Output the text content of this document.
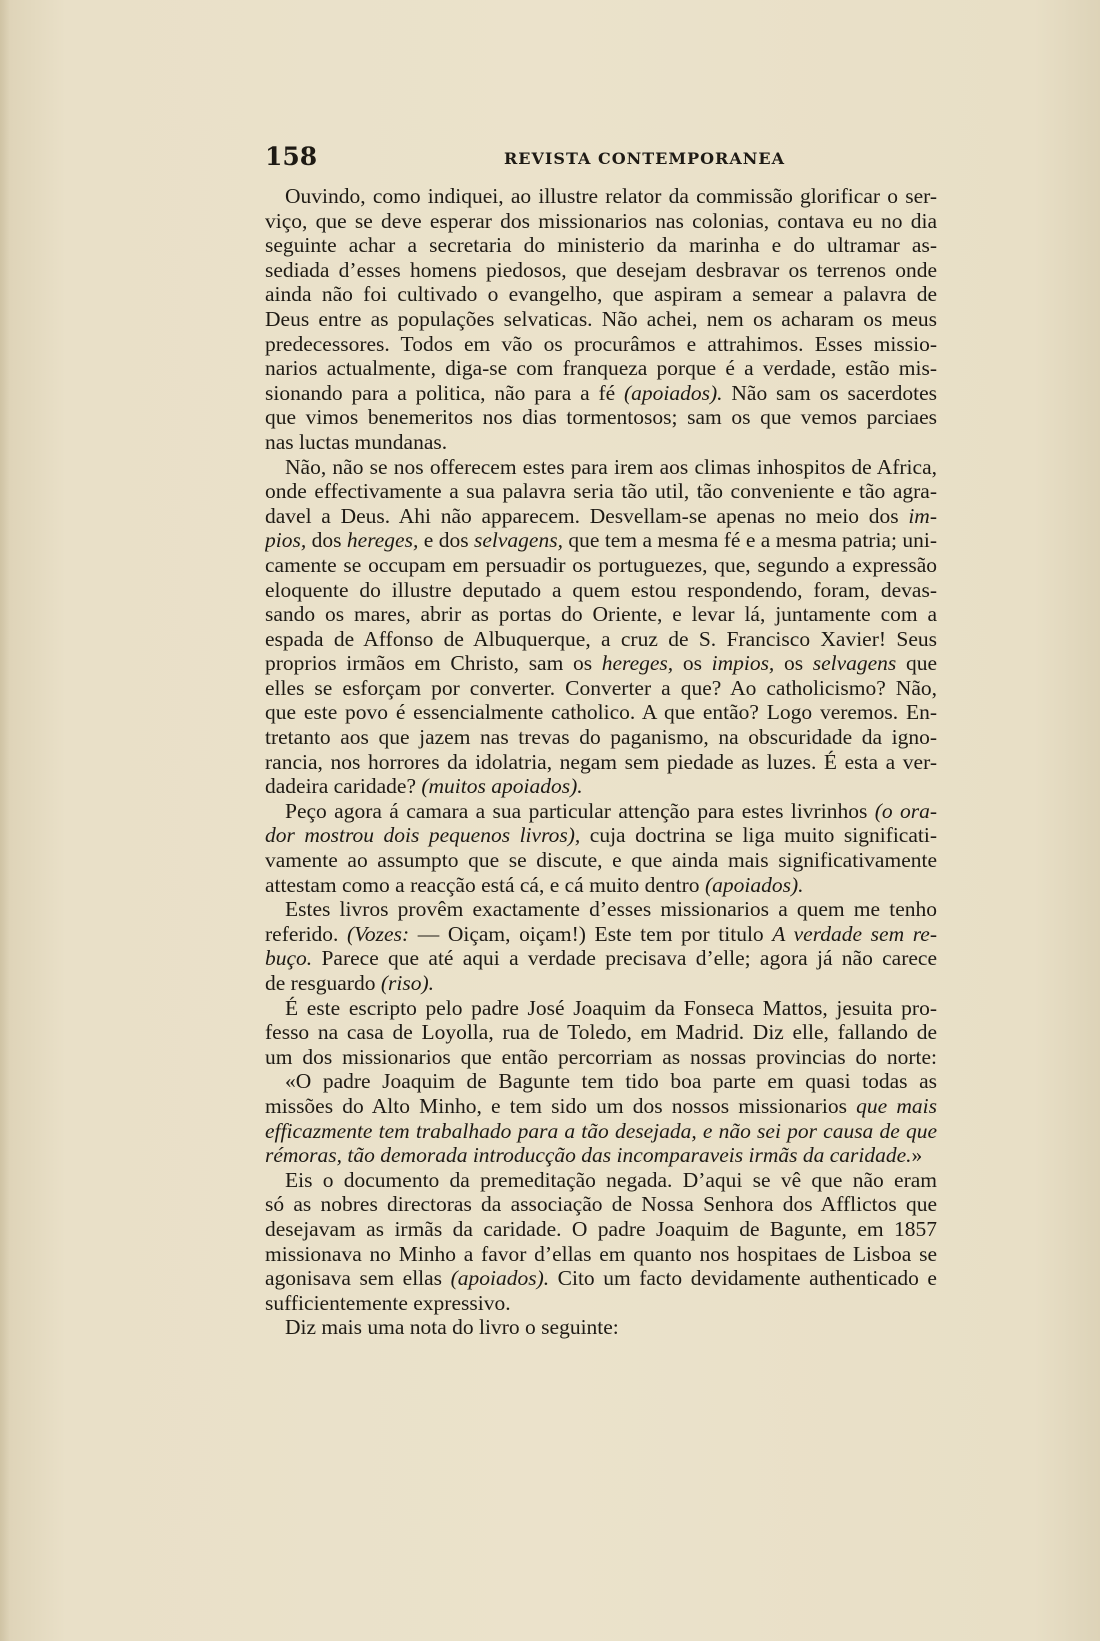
158	REVISTA CONTEMPORANEA
Ouvindo, como indiquei, ao illustre relator da commissão glorificar o ser-
viço, que se deve esperar dos missionarios nas colonias, contava eu no dia
seguinte achar a secretaria do ministerio da marinha e do ultramar as-
sediada d’esses homens piedosos, que desejam desbravar os terrenos onde
ainda não foi cultivado o evangelho, que aspiram a semear a palavra de
Deus entre as populações selvaticas. Não achei, nem os acharam os meus
predecessores. Todos em vão os procurâmos e attrahimos. Esses missio-
narios actualmente, diga-se com franqueza porque é a verdade, estão mis-
sionando para a politica, não para a fé (apoiados). Não sam os sacerdotes
que vimos benemeritos nos dias tormentosos; sam os que vemos parciaes
nas luctas mundanas.
Não, não se nos offerecem estes para irem aos climas inhospitos de Africa,
onde effectivamente a sua palavra seria tão util, tão conveniente e tão agra-
davel a Deus. Ahi não apparecem. Desvellam-se apenas no meio dos im-
pios, dos hereges, e dos selvagens, que tem a mesma fé e a mesma patria; uni-
camente se occupam em persuadir os portuguezes, que, segundo a expressão
eloquente do illustre deputado a quem estou respondendo, foram, devas-
sando os mares, abrir as portas do Oriente, e levar lá, juntamente com a
espada de Affonso de Albuquerque, a cruz de S. Francisco Xavier! Seus
proprios irmãos em Christo, sam os hereges, os impios, os selvagens que
elles se esforçam por converter. Converter a que? Ao catholicismo? Não,
que este povo é essencialmente catholico. A que então? Logo veremos. En-
tretanto aos que jazem nas trevas do paganismo, na obscuridade da igno-
rancia, nos horrores da idolatria, negam sem piedade as luzes. É esta a ver-
dadeira caridade? (muitos apoiados).
Peço agora á camara a sua particular attenção para estes livrinhos (o ora-
dor mostrou dois pequenos livros), cuja doctrina se liga muito significati-
vamente ao assumpto que se discute, e que ainda mais significativamente
attestam como a reacção está cá, e cá muito dentro (apoiados).
Estes livros provêm exactamente d’esses missionarios a quem me tenho
referido. (Vozes: — Oiçam, oiçam!) Este tem por titulo A verdade sem re-
buço. Parece que até aqui a verdade precisava d’elle; agora já não carece
de resguardo (riso).
É este escripto pelo padre José Joaquim da Fonseca Mattos, jesuita pro-
fesso na casa de Loyolla, rua de Toledo, em Madrid. Diz elle, fallando de
um dos missionarios que então percorriam as nossas provincias do norte:
«O padre Joaquim de Bagunte tem tido boa parte em quasi todas as
missões do Alto Minho, e tem sido um dos nossos missionarios que mais
efficazmente tem trabalhado para a tão desejada, e não sei por causa de que
rémoras, tão demorada introducção das incomparaveis irmãs da caridade.»
Eis o documento da premeditação negada. D’aqui se vê que não eram
só as nobres directoras da associação de Nossa Senhora dos Afflictos que
desejavam as irmãs da caridade. O padre Joaquim de Bagunte, em 1857
missionava no Minho a favor d’ellas em quanto nos hospitaes de Lisboa se
agonisava sem ellas (apoiados). Cito um facto devidamente authenticado e
sufficientemente expressivo.
Diz mais uma nota do livro o seguinte:
